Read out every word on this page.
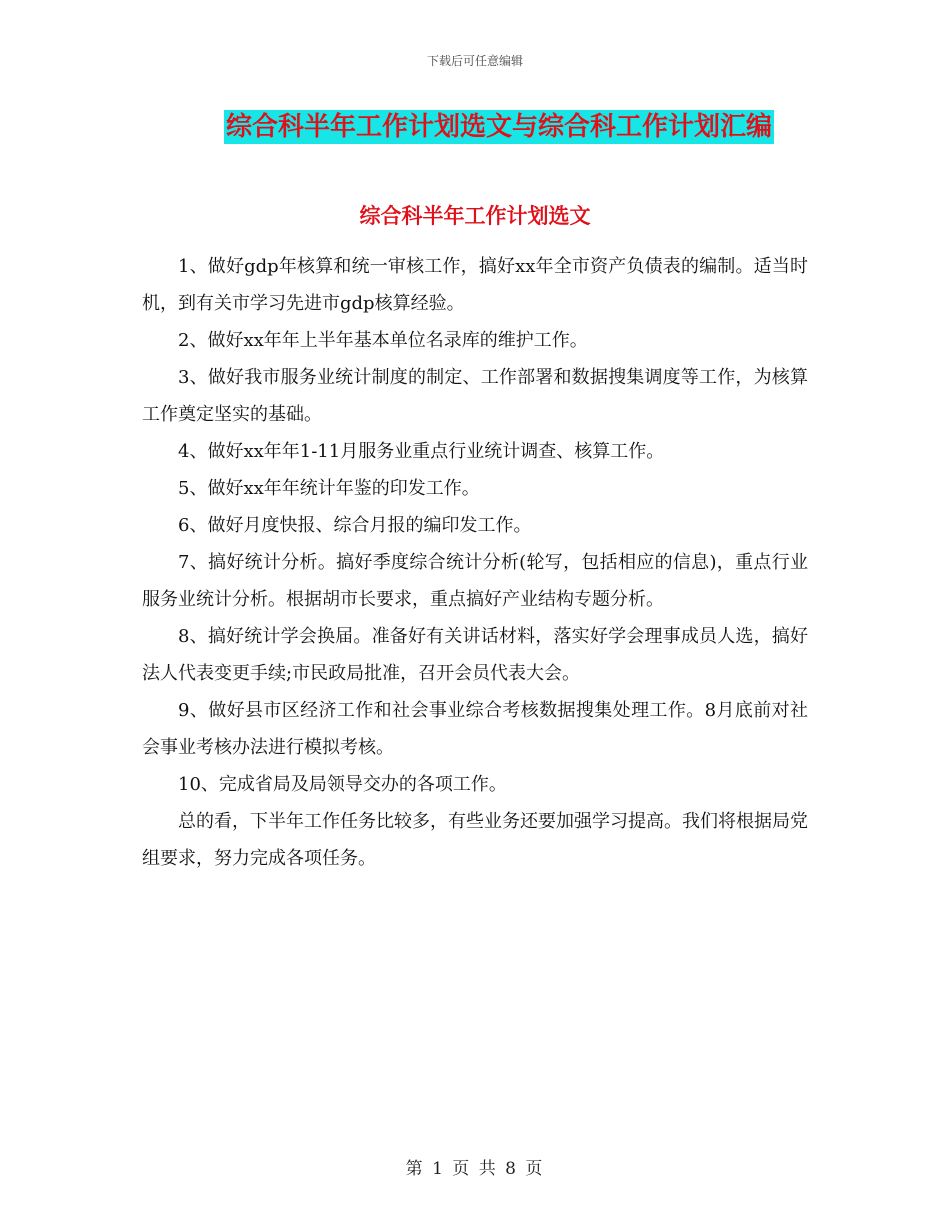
下载后可任意编辑
综合科半年工作计划选文与综合科工作计划汇编
综合科半年工作计划选文

1、做好gdp年核算和统一审核工作，搞好xx年全市资产负债表的编制。适当时机，到有关市学习先进市gdp核算经验。

2、做好xx年年上半年基本单位名录库的维护工作。

3、做好我市服务业统计制度的制定、工作部署和数据搜集调度等工作，为核算工作奠定坚实的基础。

4、做好xx年年1-11月服务业重点行业统计调查、核算工作。

5、做好xx年年统计年鉴的印发工作。

6、做好月度快报、综合月报的编印发工作。

7、搞好统计分析。搞好季度综合统计分析(轮写，包括相应的信息)，重点行业服务业统计分析。根据胡市长要求，重点搞好产业结构专题分析。

8、搞好统计学会换届。准备好有关讲话材料，落实好学会理事成员人选，搞好法人代表变更手续;市民政局批准，召开会员代表大会。

9、做好县市区经济工作和社会事业综合考核数据搜集处理工作。8月底前对社会事业考核办法进行模拟考核。

10、完成省局及局领导交办的各项工作。

总的看，下半年工作任务比较多，有些业务还要加强学习提高。我们将根据局党组要求，努力完成各项任务。

第 1 页 共 8 页
